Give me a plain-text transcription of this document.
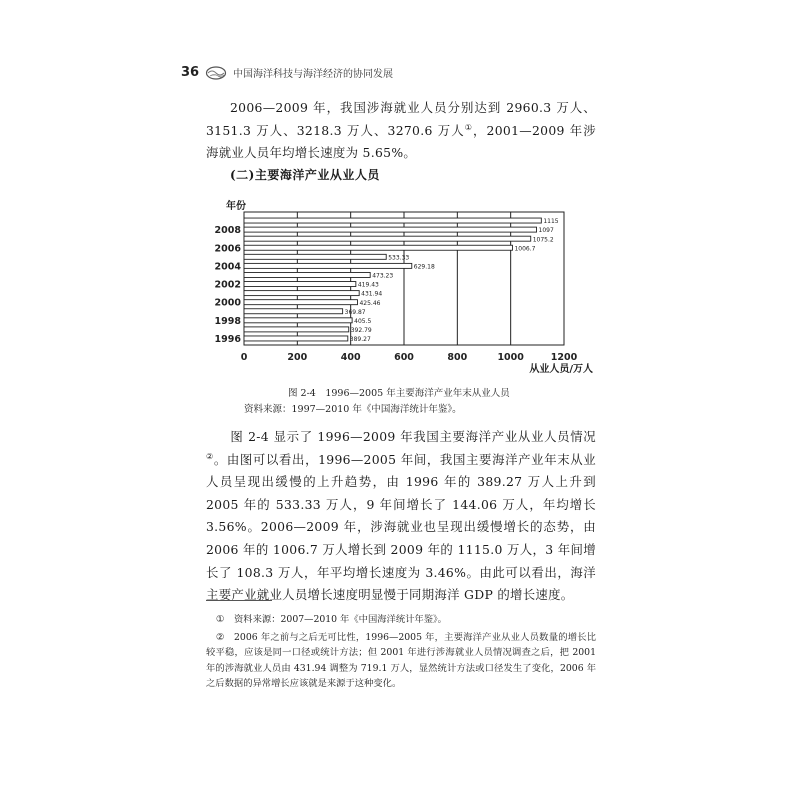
36	中国海洋科技与海洋经济的协同发展

2006—2009 年，我国涉海就业人员分别达到 2960.3 万人、3151.3 万人、3218.3 万人、3270.6 万人①，2001—2009 年涉海就业人员年均增长速度为 5.65%。

(二)主要海洋产业从业人员
年份
1115
1097
1075.2
1006.7
533.33
629.18
473.23
419.43
431.94
425.46
369.87
405.5
392.79
389.27
2008
2006
2004
2002
2000
1998
1996
0	200	400	600	800	1000	1200
从业人员/万人
图 2-4　1996—2005 年主要海洋产业年末从业人员
资料来源：1997—2010 年《中国海洋统计年鉴》。

图 2-4 显示了 1996—2009 年我国主要海洋产业从业人员情况②。由图可以看出，1996—2005 年间，我国主要海洋产业年末从业人员呈现出缓慢的上升趋势，由 1996 年的 389.27 万人上升到 2005 年的 533.33 万人，9 年间增长了 144.06 万人，年均增长 3.56%。2006—2009 年，涉海就业也呈现出缓慢增长的态势，由 2006 年的 1006.7 万人增长到 2009 年的 1115.0 万人，3 年间增长了 108.3 万人，年平均增长速度为 3.46%。由此可以看出，海洋主要产业就业人员增长速度明显慢于同期海洋 GDP 的增长速度。

① 资料来源：2007—2010 年《中国海洋统计年鉴》。

② 2006 年之前与之后无可比性，1996—2005 年，主要海洋产业从业人员数量的增长比较平稳，应该是同一口径或统计方法；但 2001 年进行涉海就业人员情况调查之后，把 2001 年的涉海就业人员由 431.94 调整为 719.1 万人，显然统计方法或口径发生了变化，2006 年之后数据的异常增长应该就是来源于这种变化。
